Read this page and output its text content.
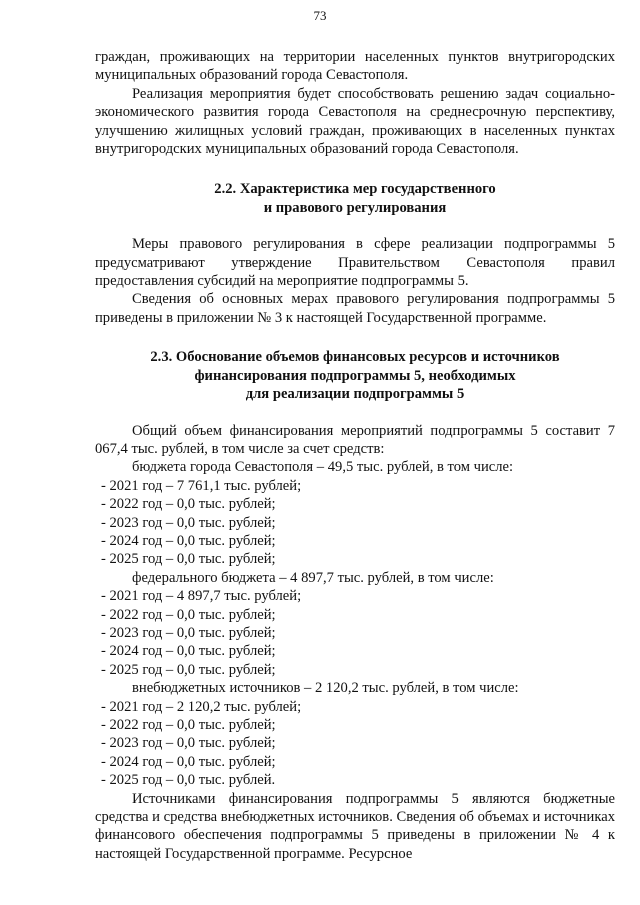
73

граждан, проживающих на территории населенных пунктов внутригородских муниципальных образований города Севастополя.

Реализация мероприятия будет способствовать решению задач социально-экономического развития города Севастополя на среднесрочную перспективу, улучшению жилищных условий граждан, проживающих в населенных пунктах внутригородских муниципальных образований города Севастополя.

2.2. Характеристика мер государственного
и правового регулирования

Меры правового регулирования в сфере реализации подпрограммы 5 предусматривают утверждение Правительством Севастополя правил предоставления субсидий на мероприятие подпрограммы 5.

Сведения об основных мерах правового регулирования подпрограммы 5 приведены в приложении № 3 к настоящей Государственной программе.

2.3. Обоснование объемов финансовых ресурсов и источников
финансирования подпрограммы 5, необходимых
для реализации подпрограммы 5

Общий объем финансирования мероприятий подпрограммы 5 составит 7 067,4 тыс. рублей, в том числе за счет средств:

бюджета города Севастополя – 49,5 тыс. рублей, в том числе:

- 2021 год – 7 761,1 тыс. рублей;

- 2022 год – 0,0 тыс. рублей;

- 2023 год – 0,0 тыс. рублей;

- 2024 год – 0,0 тыс. рублей;

- 2025 год – 0,0 тыс. рублей;

федерального бюджета – 4 897,7 тыс. рублей, в том числе:

- 2021 год – 4 897,7 тыс. рублей;

- 2022 год – 0,0 тыс. рублей;

- 2023 год – 0,0 тыс. рублей;

- 2024 год – 0,0 тыс. рублей;

- 2025 год – 0,0 тыс. рублей;

внебюджетных источников – 2 120,2 тыс. рублей, в том числе:

- 2021 год – 2 120,2 тыс. рублей;

- 2022 год – 0,0 тыс. рублей;

- 2023 год – 0,0 тыс. рублей;

- 2024 год – 0,0 тыс. рублей;

- 2025 год – 0,0 тыс. рублей.

Источниками финансирования подпрограммы 5 являются бюджетные средства и средства внебюджетных источников. Сведения об объемах и источниках финансового обеспечения подпрограммы 5 приведены в приложении № 4 к настоящей Государственной программе. Ресурсное
